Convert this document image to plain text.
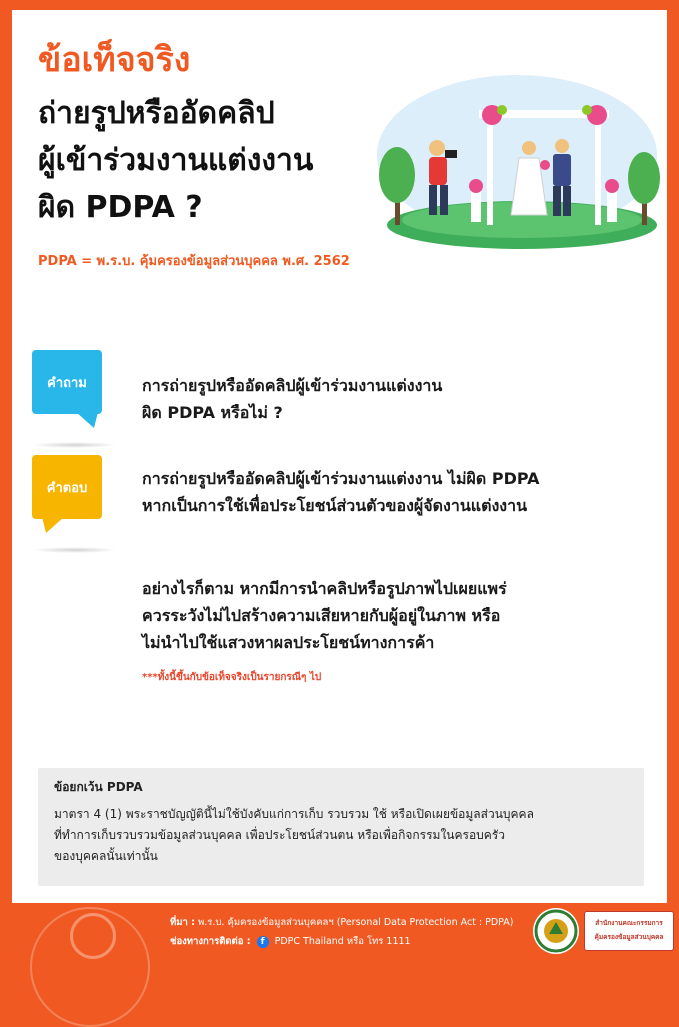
ข้อเท็จจริง
ถ่ายรูปหรืออัดคลิป
ผู้เข้าร่วมงานแต่งงาน
ผิด PDPA ?
PDPA = พ.ร.บ. คุ้มครองข้อมูลส่วนบุคคล พ.ศ. 2562
คำถาม	การถ่ายรูปหรืออัดคลิปผู้เข้าร่วมงานแต่งงาน
ผิด PDPA หรือไม่ ?
คำตอบ	การถ่ายรูปหรืออัดคลิปผู้เข้าร่วมงานแต่งงาน ไม่ผิด PDPA
หากเป็นการใช้เพื่อประโยชน์ส่วนตัวของผู้จัดงานแต่งงาน
อย่างไรก็ตาม หากมีการนำคลิปหรือรูปภาพไปเผยแพร่
ควรระวังไม่ไปสร้างความเสียหายกับผู้อยู่ในภาพ หรือ
ไม่นำไปใช้แสวงหาผลประโยชน์ทางการค้า
***ทั้งนี้ขึ้นกับข้อเท็จจริงเป็นรายกรณีๆ ไป
ข้อยกเว้น PDPA
มาตรา 4 (1) พระราชบัญญัตินี้ไม่ใช้บังคับแก่การเก็บ รวบรวม ใช้ หรือเปิดเผยข้อมูลส่วนบุคคล
ที่ทำการเก็บรวบรวมข้อมูลส่วนบุคคล เพื่อประโยชน์ส่วนตน หรือเพื่อกิจกรรมในครอบครัว
ของบุคคลนั้นเท่านั้น
ที่มา : พ.ร.บ. คุ้มครองข้อมูลส่วนบุคคลฯ (Personal Data Protection Act : PDPA)
ช่องทางการติดต่อ : f PDPC Thailand หรือ โทร 1111
สำนักงานคณะกรรมการ
คุ้มครองข้อมูลส่วนบุคคล
